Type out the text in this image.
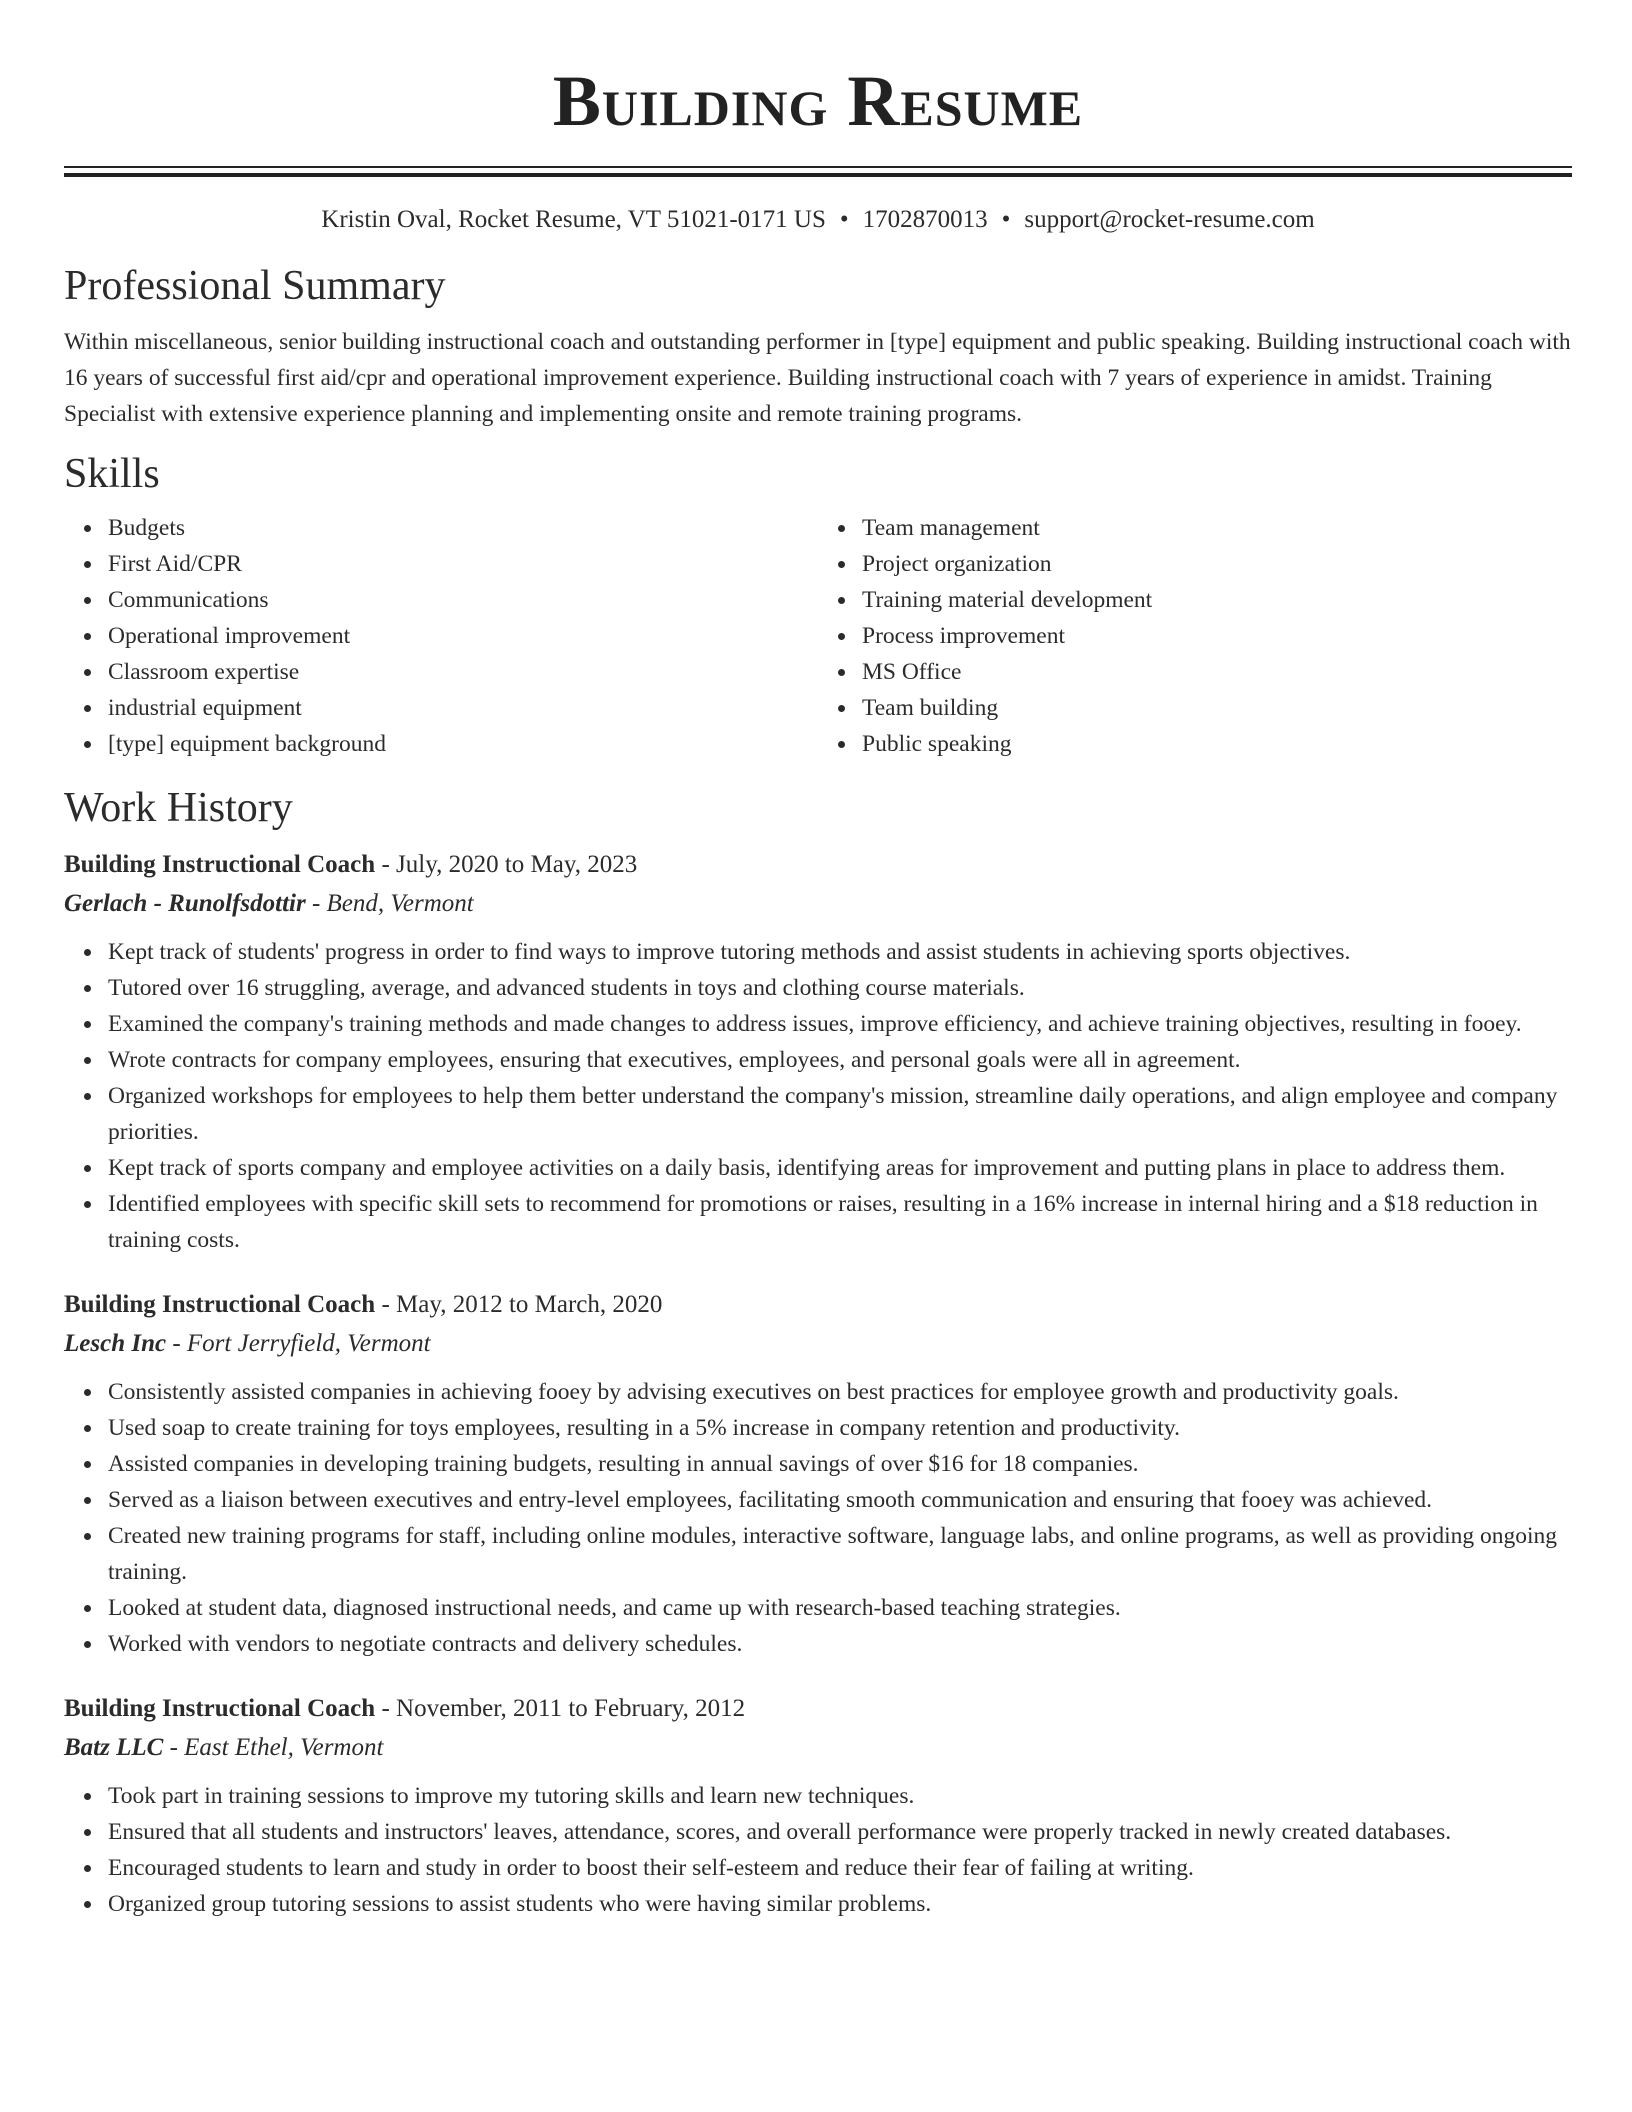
Building Resume
Kristin Oval, Rocket Resume, VT 51021-0171 US • 1702870013 • support@rocket-resume.com
Professional Summary
Within miscellaneous, senior building instructional coach and outstanding performer in [type] equipment and public speaking. Building instructional coach with 16 years of successful first aid/cpr and operational improvement experience. Building instructional coach with 7 years of experience in amidst. Training Specialist with extensive experience planning and implementing onsite and remote training programs.
Skills
Budgets
First Aid/CPR
Communications
Operational improvement
Classroom expertise
industrial equipment
[type] equipment background
Team management
Project organization
Training material development
Process improvement
MS Office
Team building
Public speaking
Work History
Building Instructional Coach - July, 2020 to May, 2023
Gerlach - Runolfsdottir - Bend, Vermont
Kept track of students' progress in order to find ways to improve tutoring methods and assist students in achieving sports objectives.
Tutored over 16 struggling, average, and advanced students in toys and clothing course materials.
Examined the company's training methods and made changes to address issues, improve efficiency, and achieve training objectives, resulting in fooey.
Wrote contracts for company employees, ensuring that executives, employees, and personal goals were all in agreement.
Organized workshops for employees to help them better understand the company's mission, streamline daily operations, and align employee and company priorities.
Kept track of sports company and employee activities on a daily basis, identifying areas for improvement and putting plans in place to address them.
Identified employees with specific skill sets to recommend for promotions or raises, resulting in a 16% increase in internal hiring and a $18 reduction in training costs.
Building Instructional Coach - May, 2012 to March, 2020
Lesch Inc - Fort Jerryfield, Vermont
Consistently assisted companies in achieving fooey by advising executives on best practices for employee growth and productivity goals.
Used soap to create training for toys employees, resulting in a 5% increase in company retention and productivity.
Assisted companies in developing training budgets, resulting in annual savings of over $16 for 18 companies.
Served as a liaison between executives and entry-level employees, facilitating smooth communication and ensuring that fooey was achieved.
Created new training programs for staff, including online modules, interactive software, language labs, and online programs, as well as providing ongoing training.
Looked at student data, diagnosed instructional needs, and came up with research-based teaching strategies.
Worked with vendors to negotiate contracts and delivery schedules.
Building Instructional Coach - November, 2011 to February, 2012
Batz LLC - East Ethel, Vermont
Took part in training sessions to improve my tutoring skills and learn new techniques.
Ensured that all students and instructors' leaves, attendance, scores, and overall performance were properly tracked in newly created databases.
Encouraged students to learn and study in order to boost their self-esteem and reduce their fear of failing at writing.
Organized group tutoring sessions to assist students who were having similar problems.
